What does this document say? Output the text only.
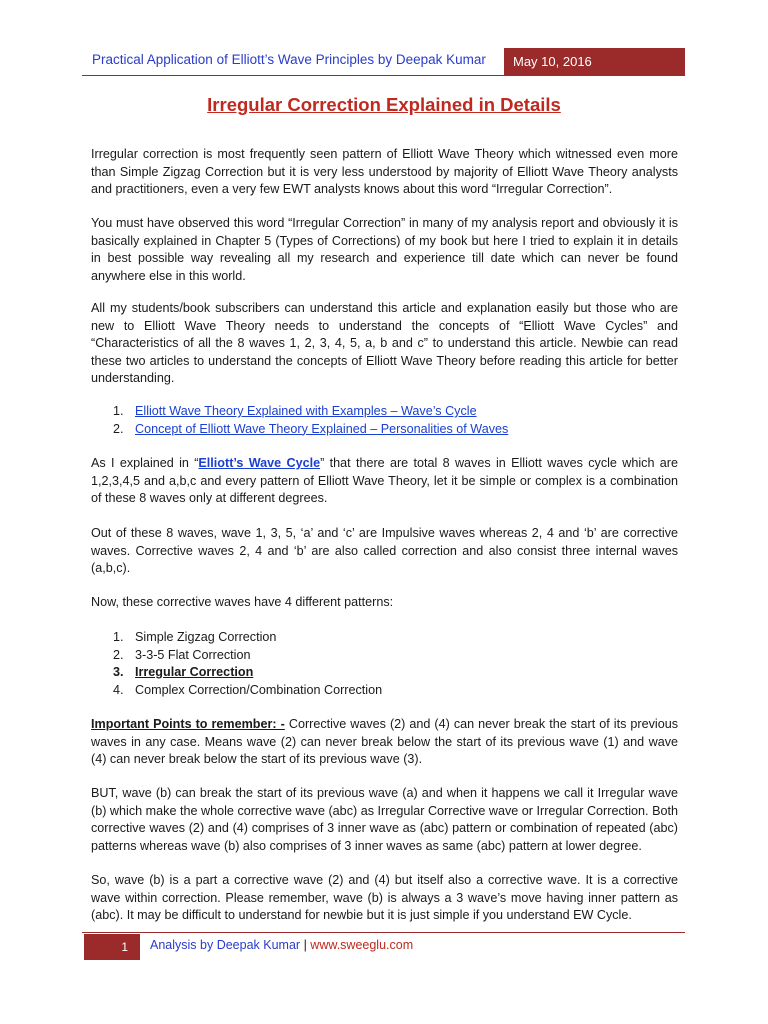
Practical Application of Elliott’s Wave Principles by Deepak Kumar	May 10, 2016
Irregular Correction Explained in Details

Irregular correction is most frequently seen pattern of Elliott Wave Theory which witnessed even more than Simple Zigzag Correction but it is very less understood by majority of Elliott Wave Theory analysts and practitioners, even a very few EWT analysts knows about this word “Irregular Correction”.

You must have observed this word “Irregular Correction” in many of my analysis report and obviously it is basically explained in Chapter 5 (Types of Corrections) of my book but here I tried to explain it in details in best possible way revealing all my research and experience till date which can never be found anywhere else in this world.

All my students/book subscribers can understand this article and explanation easily but those who are new to Elliott Wave Theory needs to understand the concepts of “Elliott Wave Cycles” and “Characteristics of all the 8 waves 1, 2, 3, 4, 5, a, b and c” to understand this article. Newbie can read these two articles to understand the concepts of Elliott Wave Theory before reading this article for better understanding.

1. Elliott Wave Theory Explained with Examples – Wave’s Cycle
2. Concept of Elliott Wave Theory Explained – Personalities of Waves

As I explained in “Elliott’s Wave Cycle” that there are total 8 waves in Elliott waves cycle which are 1,2,3,4,5 and a,b,c and every pattern of Elliott Wave Theory, let it be simple or complex is a combination of these 8 waves only at different degrees.

Out of these 8 waves, wave 1, 3, 5, ‘a’ and ‘c’ are Impulsive waves whereas 2, 4 and ‘b’ are corrective waves. Corrective waves 2, 4 and ‘b’ are also called correction and also consist three internal waves (a,b,c).

Now, these corrective waves have 4 different patterns:

1. Simple Zigzag Correction
2. 3-3-5 Flat Correction
3. Irregular Correction
4. Complex Correction/Combination Correction

Important Points to remember: - Corrective waves (2) and (4) can never break the start of its previous waves in any case. Means wave (2) can never break below the start of its previous wave (1) and wave (4) can never break below the start of its previous wave (3).

BUT, wave (b) can break the start of its previous wave (a) and when it happens we call it Irregular wave (b) which make the whole corrective wave (abc) as Irregular Corrective wave or Irregular Correction. Both corrective waves (2) and (4) comprises of 3 inner wave as (abc) pattern or combination of repeated (abc) patterns whereas wave (b) also comprises of 3 inner waves as same (abc) pattern at lower degree.

So, wave (b) is a part a corrective wave (2) and (4) but itself also a corrective wave. It is a corrective wave within correction. Please remember, wave (b) is always a 3 wave’s move having inner pattern as (abc). It may be difficult to understand for newbie but it is just simple if you understand EW Cycle.

1	Analysis by Deepak Kumar | www.sweeglu.com
